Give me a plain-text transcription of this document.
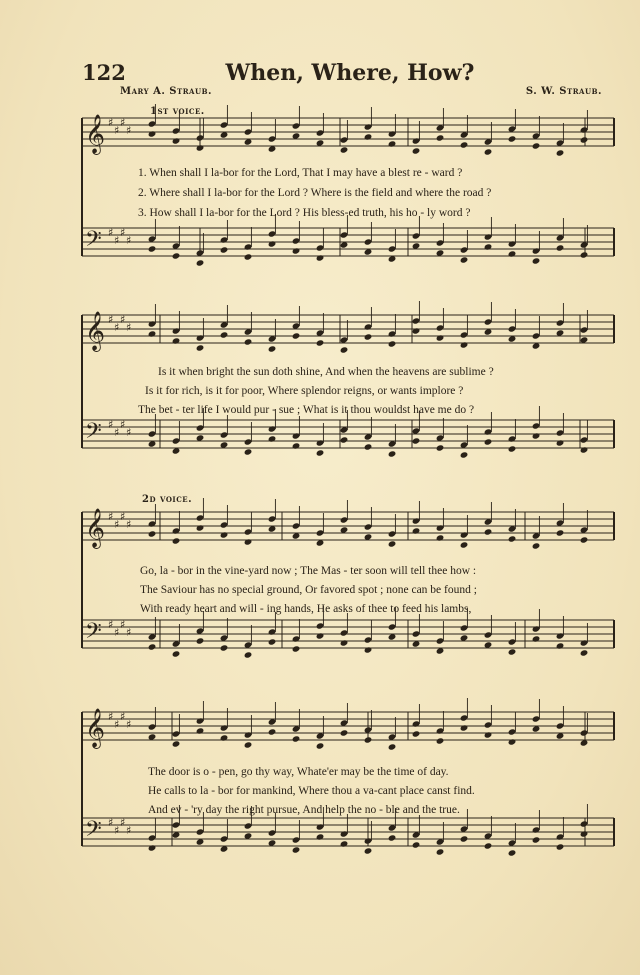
122	When, Where, How?
Mary A. Straub.	S. W. Straub.
1st voice.
2d voice.
𝄞 ♯
♯
♯
♯
𝄢 ♯
♯
♯
♯
𝄞 ♯
♯
♯
♯
𝄢 ♯
♯
♯
♯
𝄞 ♯
♯
♯
♯
𝄢 ♯
♯
♯
♯
𝄞 ♯
♯
♯
♯
𝄢 ♯
♯
♯
♯
1. When shall I la-bor for the Lord, That I may have a blest re - ward ?
2. Where shall I la-bor for the Lord ? Where is the field and where the road ?
3. How shall I la-bor for the Lord ? His bless-ed truth, his ho - ly word ?
Is it when bright the sun doth shine, And when the heavens are sublime ?
Is it for rich, is it for poor, Where splendor reigns, or wants implore ?
The bet - ter life I would pur - sue ; What is it thou wouldst have me do ?
Go, la - bor in the vine-yard now ; The Mas - ter soon will tell thee how :
The Saviour has no special ground, Or favored spot ; none can be found ;
With ready heart and will - ing hands, He asks of thee to feed his lambs,
The door is o - pen, go thy way, Whate'er may be the time of day.
He calls to la - bor for mankind, Where thou a va-cant place canst find.
And ev - 'ry day the right pursue, And help the no - ble and the true.
